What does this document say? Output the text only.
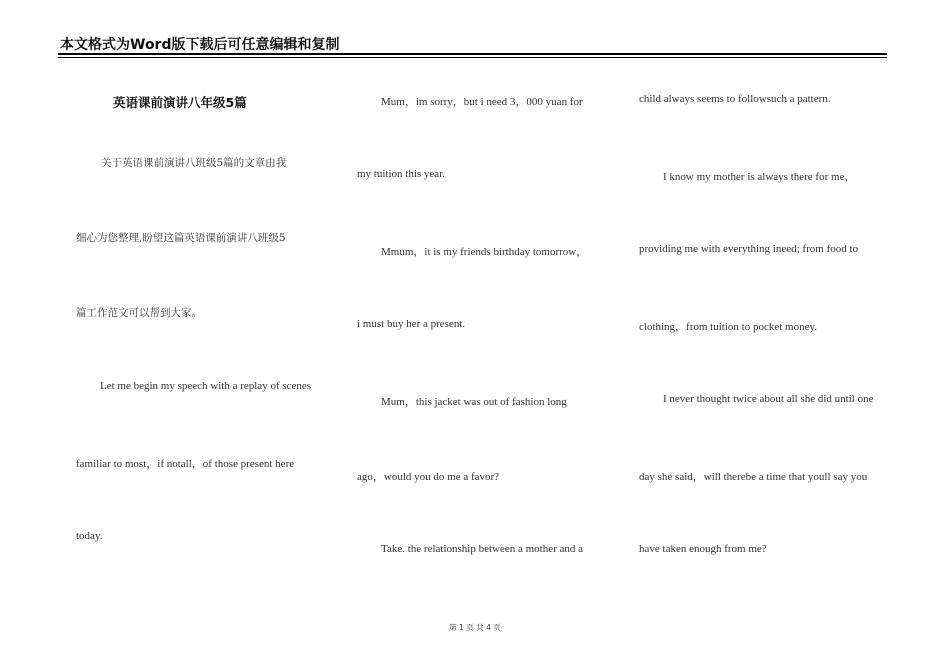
本文格式为Word版下载后可任意编辑和复制
英语课前演讲八年级5篇
关于英语课前演讲八班级5篇的文章由我
细心为您整理,盼望这篇英语课前演讲八班级5
篇工作范文可以帮到大家。
Let me begin my speech with a replay of scenes
familiar to most，if notall，of those present here
today.
Mum，im sorry，but i need 3，000 yuan for
my tuition this year.
Mmum，it is my friends birthday tomorrow，
i must buy her a present.
Mum，this jacket was out of fashion long
ago，would you do me a favor?
Take. the relationship between a mother and a
child always seems to followsuch a pattern.
I know my mother is always there for me，
providing me with everything ineed; from food to
clothing，from tuition to pocket money.
I never thought twice about all she did until one
day she said，will therebe a time that youll say you
have taken enough from me?
第 1 页 共 4 页
